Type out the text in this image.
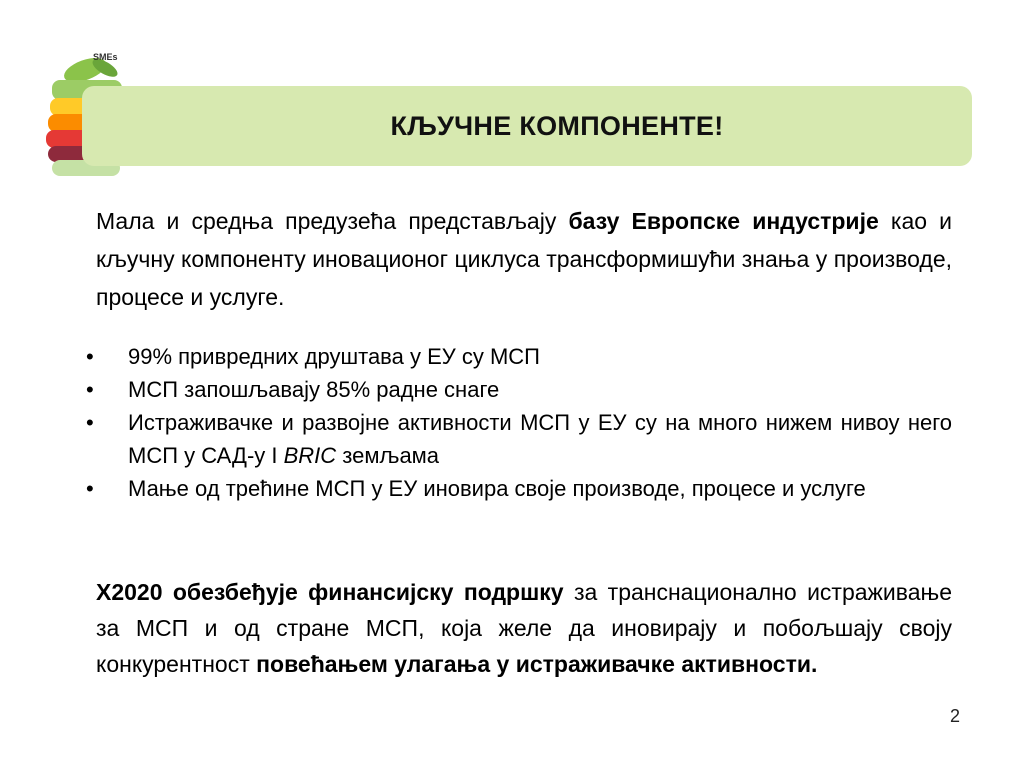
SMEs
КЉУЧНЕ КОМПОНЕНТЕ!
Мала и средња предузећа представљају базу Европске индустрије као и кључну компоненту иновационог циклуса трансформишући знања у производе, процесе и услуге.
• 99% привредних друштава у ЕУ су МСП
• МСП запошљавају 85% радне снаге
• Истраживачке и развојне активности МСП у ЕУ су на много нижем нивоу него МСП у САД-у I BRIC земљама
• Мање од трећине МСП у ЕУ иновира своје производе, процесе и услуге
Х2020 обезбеђује финансијску подршку за транснационално истраживање за МСП и од стране МСП, која желе да иновирају и побољшају своју конкурентност повећањем улагања у истраживачке активности.
2
